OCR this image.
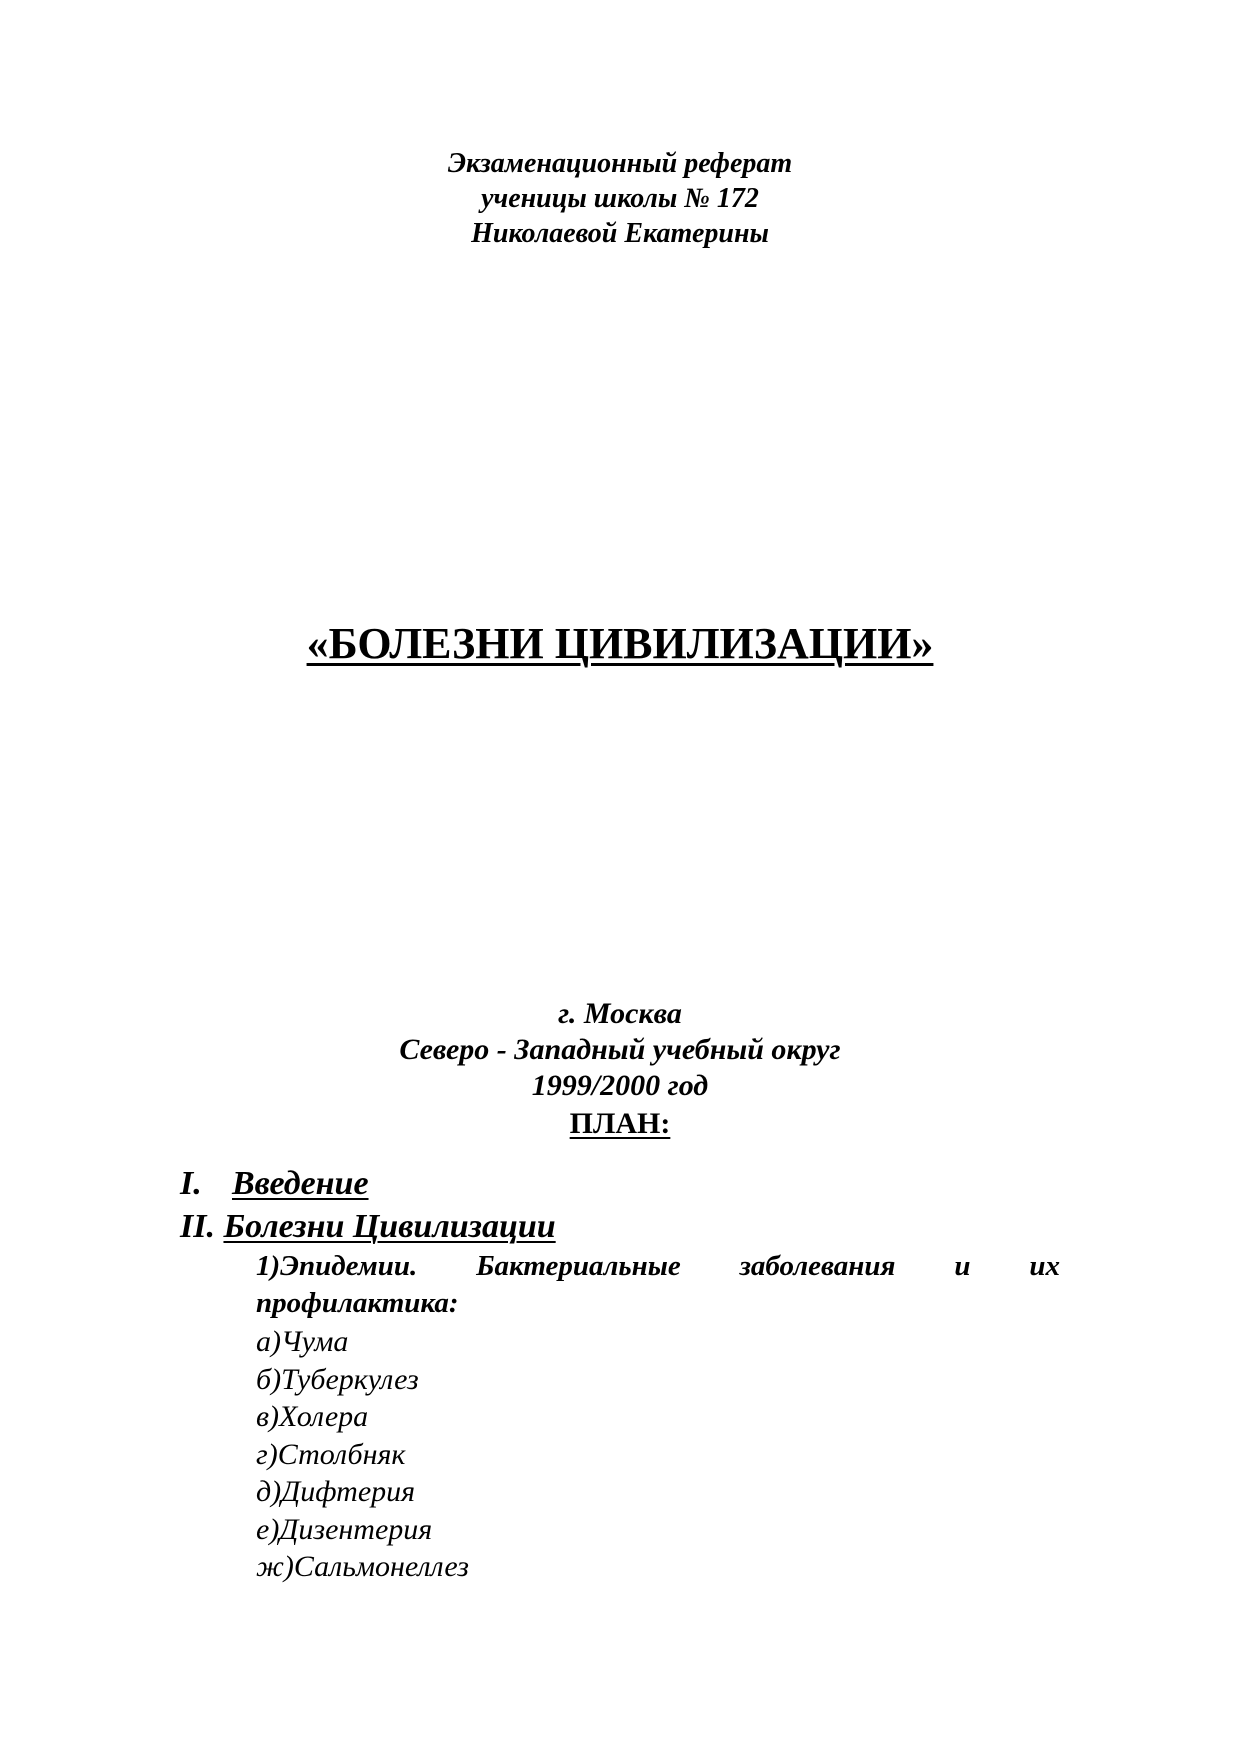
Экзаменационный реферат
ученицы школы № 172
Николаевой Екатерины
«БОЛЕЗНИ ЦИВИЛИЗАЦИИ»
г. Москва
Северо - Западный учебный округ
1999/2000 год
ПЛАН:
I. Введение
II. Болезни Цивилизации
1)Эпидемии. Бактериальные заболевания и их профилактика:
а)Чума
б)Туберкулез
в)Холера
г)Столбняк
д)Дифтерия
е)Дизентерия
ж)Сальмонеллез
